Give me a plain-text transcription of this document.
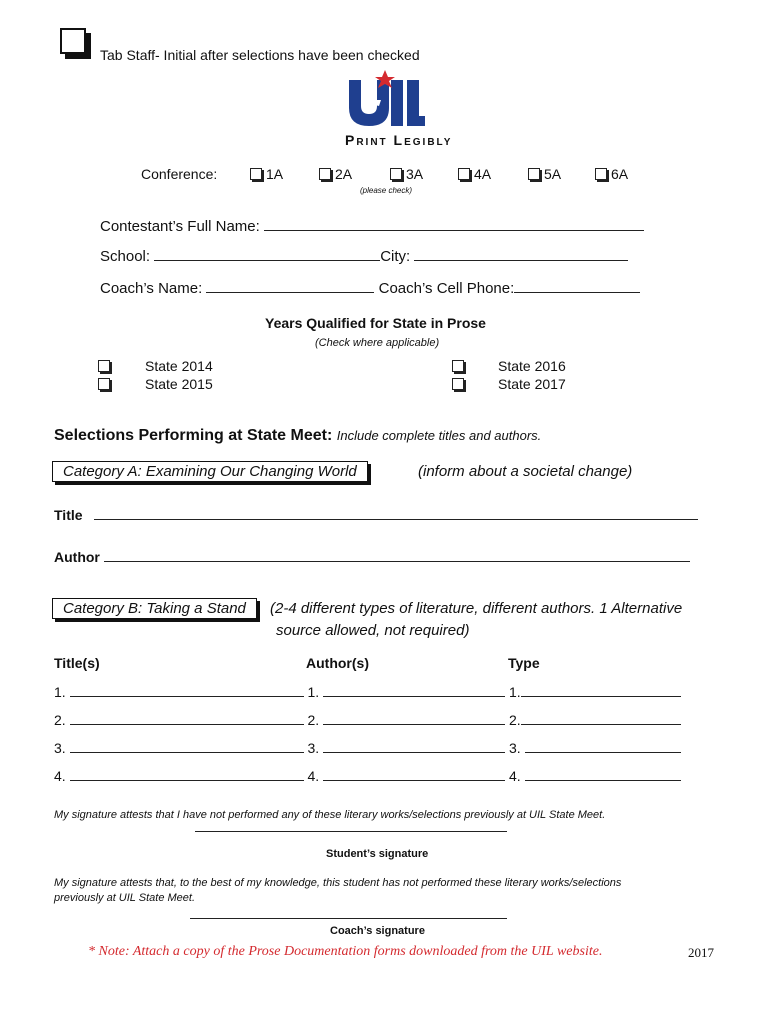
Tab Staff- Initial after selections have been checked
Print Legibly
Conference:	1A	2A	3A	4A	5A	6A
(please check)
Contestant’s Full Name:
School:	City:
Coach’s Name:	Coach’s Cell Phone:
Years Qualified for State in Prose
(Check where applicable)
State 2014
State 2015
State 2016
State 2017
Selections Performing at State Meet: Include complete titles and authors.
Category A: Examining Our Changing World	(inform about a societal change)
Title
Author
Category B: Taking a Stand	(2-4 different types of literature, different authors. 1 Alternative
source allowed, not required)
Title(s)	Author(s)	Type
1.	1.	1.
2.	2.	2.
3.	3.	3.
4.	4.	4.
My signature attests that I have not performed any of these literary works/selections previously at UIL State Meet.
Student’s signature
My signature attests that, to the best of my knowledge, this student has not performed these literary works/selections
previously at UIL State Meet.
Coach’s signature
* Note: Attach a copy of the Prose Documentation forms downloaded from the UIL website.	2017
